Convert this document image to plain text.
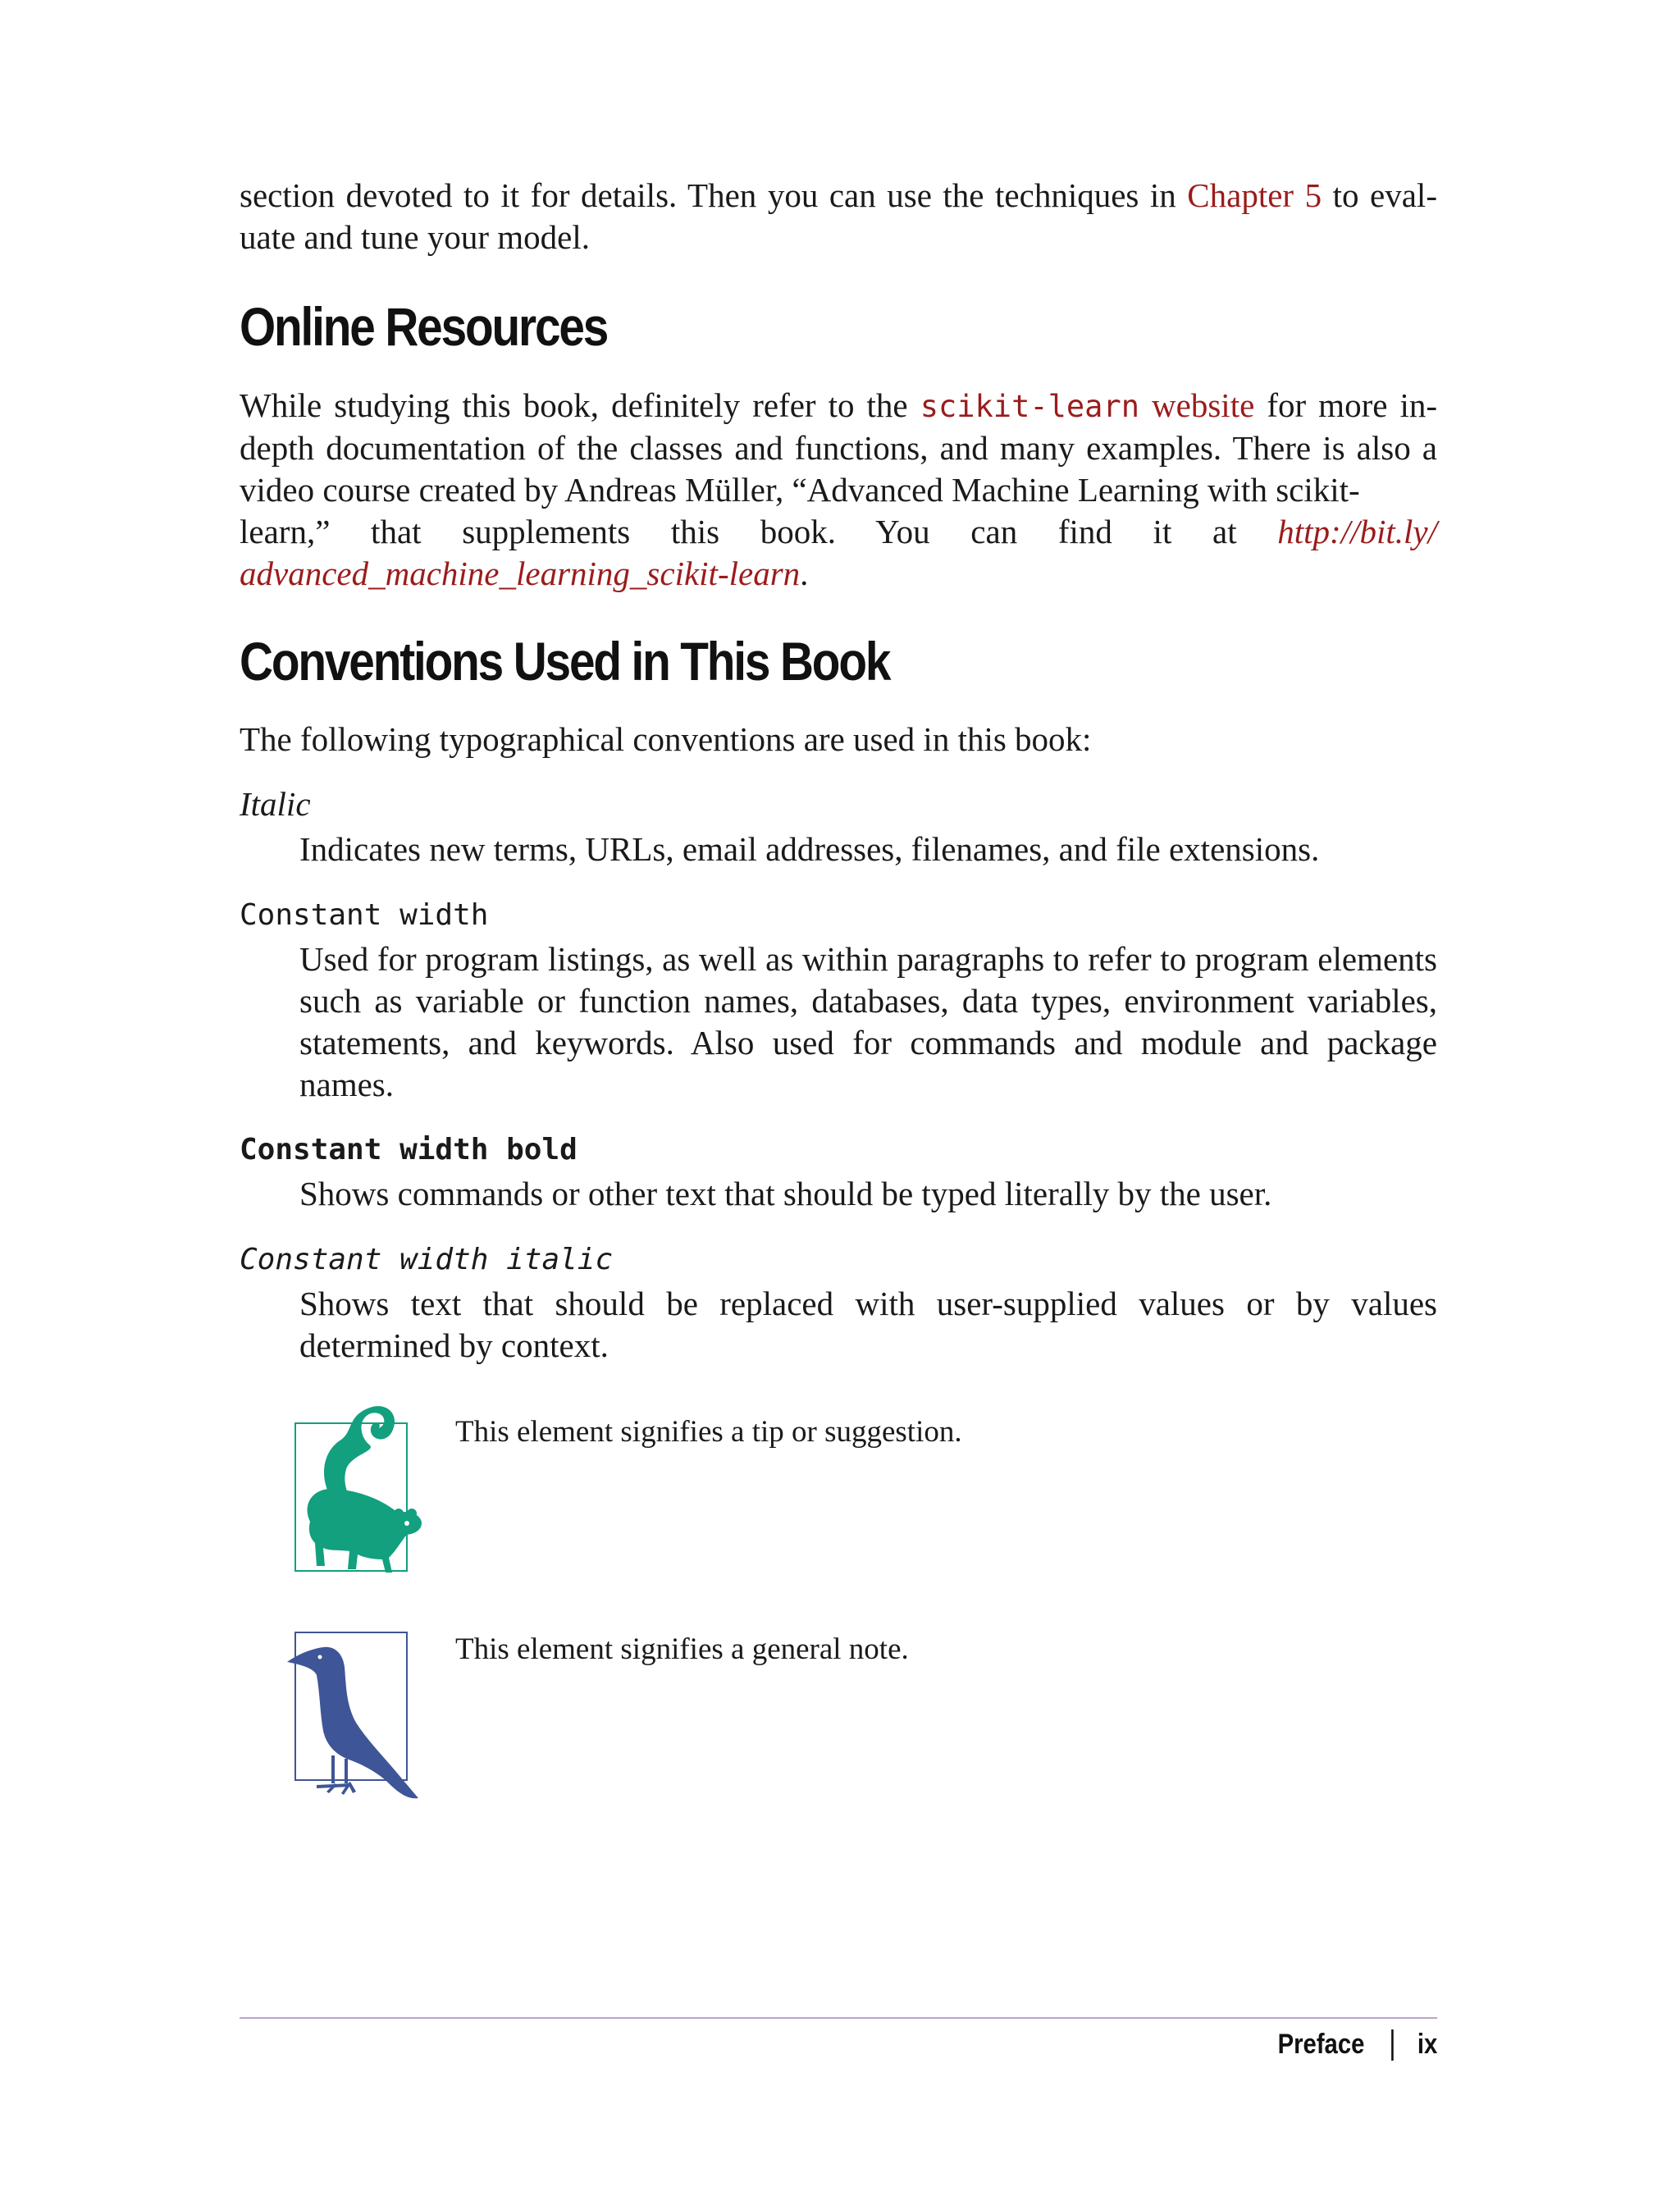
section devoted to it for details. Then you can use the techniques in Chapter 5 to eval-
uate and tune your model.

Online Resources

While studying this book, definitely refer to the scikit-learn website for more in-depth documentation of the classes and functions, and many examples. There is also a video course created by Andreas Müller, “Advanced Machine Learning with scikit-
learn,” that supplements this book. You can find it at http://bit.ly/
advanced_machine_learning_scikit-learn.

Conventions Used in This Book

The following typographical conventions are used in this book:

Italic

Indicates new terms, URLs, email addresses, filenames, and file extensions.

Constant width

Used for program listings, as well as within paragraphs to refer to program elements such as variable or function names, databases, data types, environment variables, statements, and keywords. Also used for commands and module and package names.

Constant width bold

Shows commands or other text that should be typed literally by the user.

Constant width italic

Shows text that should be replaced with user-supplied values or by values determined by context.

This element signifies a tip or suggestion.

This element signifies a general note.

Preface ix
